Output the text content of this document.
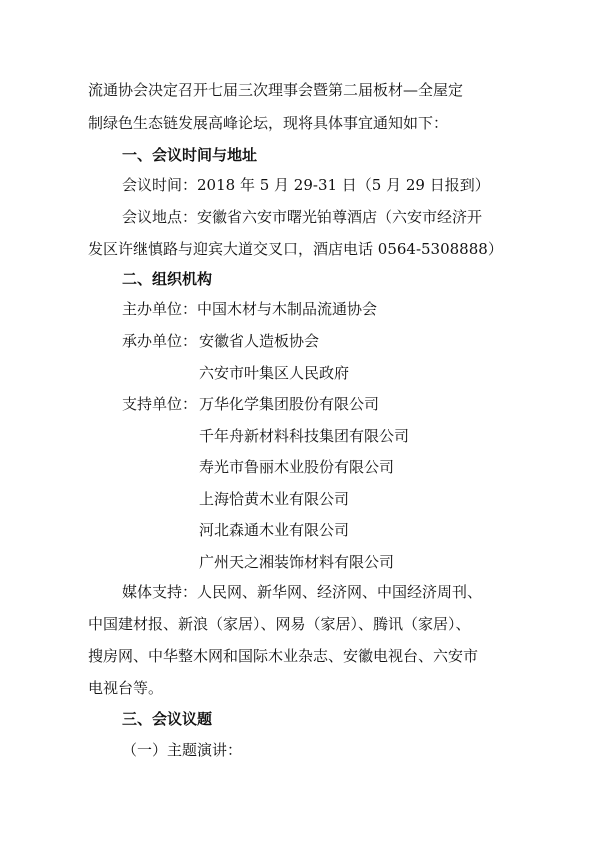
流通协会决定召开七届三次理事会暨第二届板材—全屋定
制绿色生态链发展高峰论坛，现将具体事宜通知如下：
一、会议时间与地址
会议时间：2018 年 5 月 29-31 日（5 月 29 日报到）
会议地点：安徽省六安市曙光铂尊酒店（六安市经济开
发区许继慎路与迎宾大道交叉口，酒店电话 0564-5308888）
二、组织机构
主办单位：中国木材与木制品流通协会
承办单位： 安徽省人造板协会
六安市叶集区人民政府
支持单位： 万华化学集团股份有限公司
千年舟新材料科技集团有限公司
寿光市鲁丽木业股份有限公司
上海恰黄木业有限公司
河北森通木业有限公司
广州天之湘装饰材料有限公司
媒体支持：人民网、新华网、经济网、中国经济周刊、
中国建材报、新浪（家居）、网易（家居）、腾讯（家居）、
搜房网、中华整木网和国际木业杂志、安徽电视台、六安市
电视台等。
三、会议议题
（一）主题演讲：
